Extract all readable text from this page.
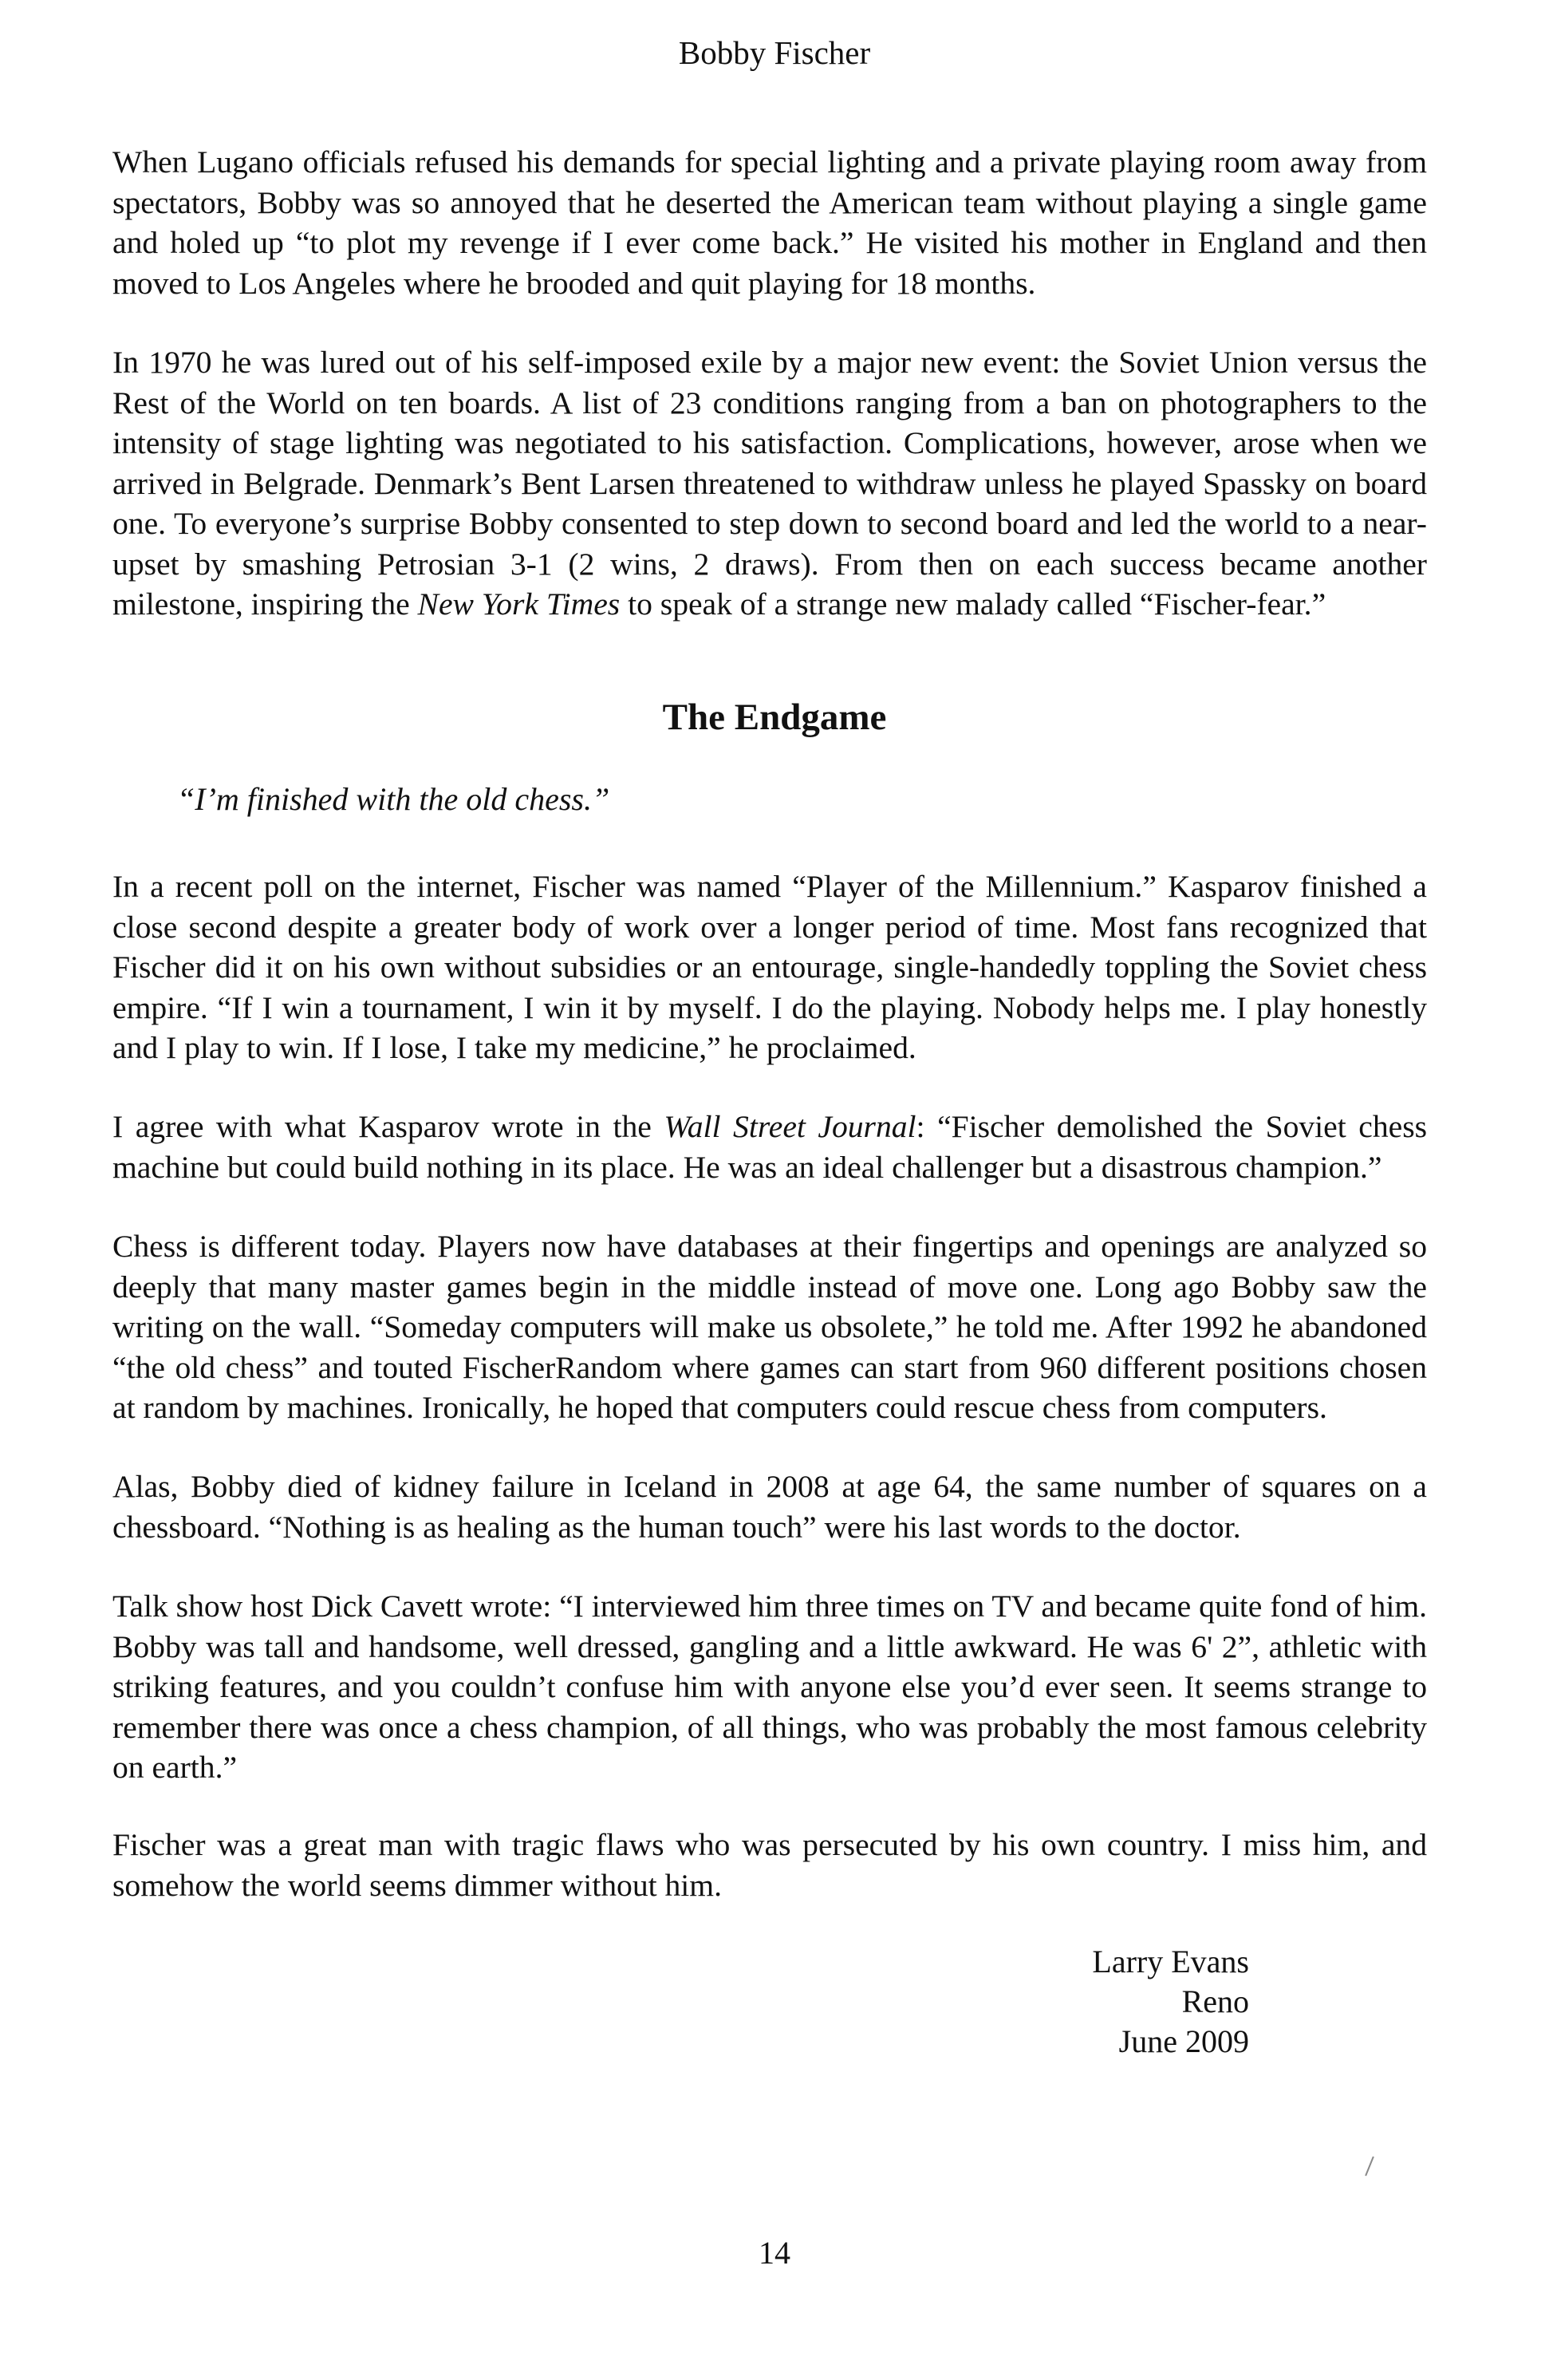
Bobby Fischer

When Lugano officials refused his demands for special lighting and a private playing room away from spectators, Bobby was so annoyed that he deserted the American team without playing a single game and holed up “to plot my revenge if I ever come back.” He visited his mother in England and then moved to Los Angeles where he brooded and quit playing for 18 months.

In 1970 he was lured out of his self-imposed exile by a major new event: the Soviet Union versus the Rest of the World on ten boards. A list of 23 conditions ranging from a ban on photographers to the intensity of stage lighting was negotiated to his satisfaction. Complications, however, arose when we arrived in Belgrade. Denmark’s Bent Larsen threatened to withdraw unless he played Spassky on board one. To everyone’s surprise Bobby consented to step down to second board and led the world to a near-upset by smashing Petrosian 3-1 (2 wins, 2 draws). From then on each success became another milestone, inspiring the New York Times to speak of a strange new malady called “Fischer-fear.”

The Endgame

“I’m finished with the old chess.”

In a recent poll on the internet, Fischer was named “Player of the Millennium.” Kasparov finished a close second despite a greater body of work over a longer period of time. Most fans recognized that Fischer did it on his own without subsidies or an entourage, single-handedly toppling the Soviet chess empire. “If I win a tournament, I win it by myself. I do the playing. Nobody helps me. I play honestly and I play to win. If I lose, I take my medicine,” he proclaimed.

I agree with what Kasparov wrote in the Wall Street Journal: “Fischer demolished the Soviet chess machine but could build nothing in its place. He was an ideal challenger but a disastrous champion.”

Chess is different today. Players now have databases at their fingertips and openings are analyzed so deeply that many master games begin in the middle instead of move one. Long ago Bobby saw the writing on the wall. “Someday computers will make us obsolete,” he told me. After 1992 he abandoned “the old chess” and touted FischerRandom where games can start from 960 different positions chosen at random by machines. Ironically, he hoped that computers could rescue chess from computers.

Alas, Bobby died of kidney failure in Iceland in 2008 at age 64, the same number of squares on a chessboard. “Nothing is as healing as the human touch” were his last words to the doctor.

Talk show host Dick Cavett wrote: “I interviewed him three times on TV and became quite fond of him. Bobby was tall and handsome, well dressed, gangling and a little awkward. He was 6' 2”, athletic with striking features, and you couldn’t confuse him with anyone else you’d ever seen. It seems strange to remember there was once a chess champion, of all things, who was probably the most famous celebrity on earth.”

Fischer was a great man with tragic flaws who was persecuted by his own country. I miss him, and somehow the world seems dimmer without him.

Larry Evans
Reno
June 2009
14
